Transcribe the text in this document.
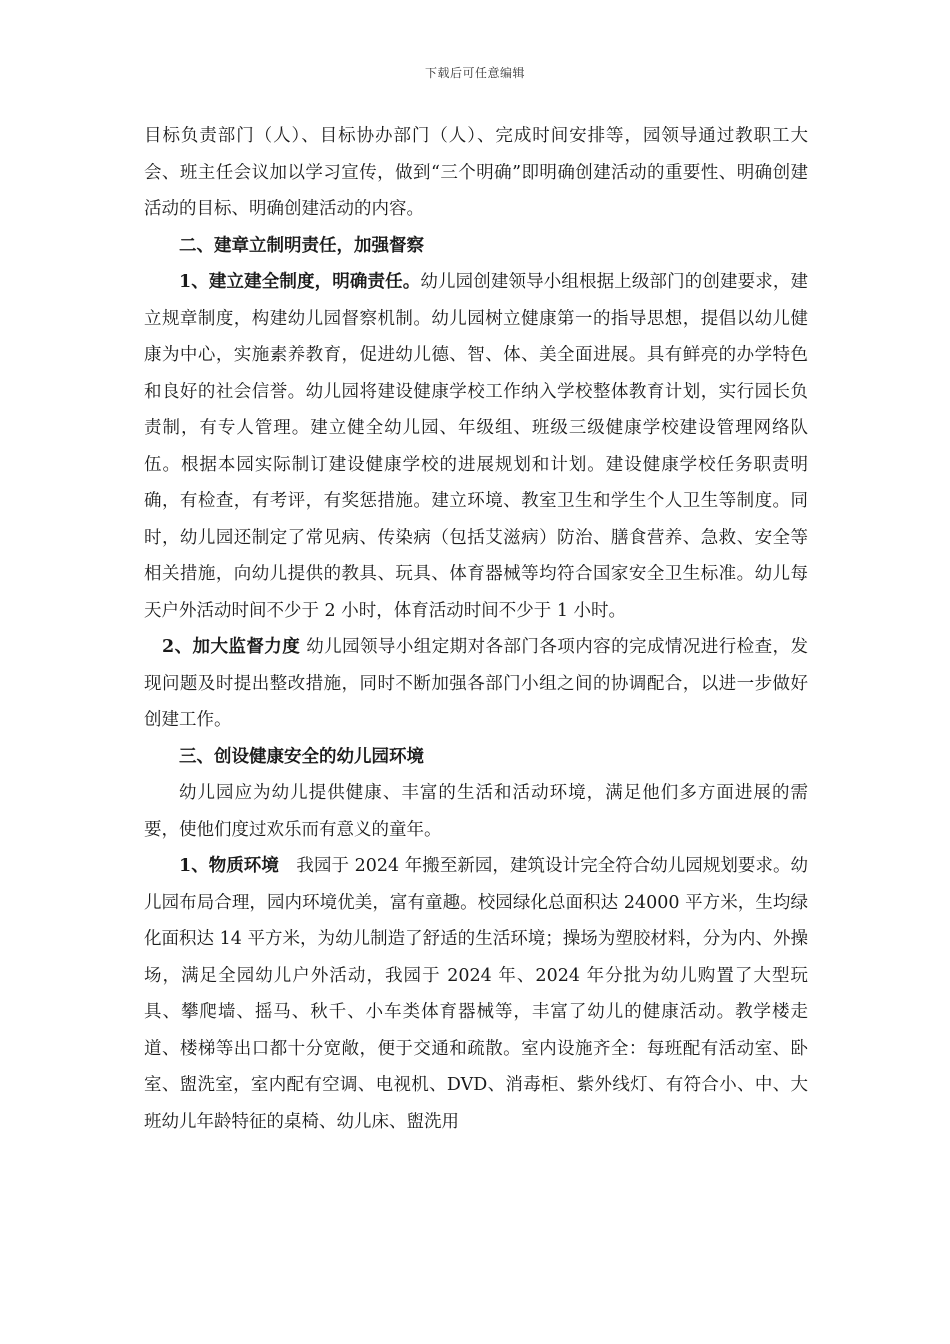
下载后可任意编辑

目标负责部门（人）、目标协办部门（人）、完成时间安排等，园领导通过教职工大会、班主任会议加以学习宣传，做到“三个明确”即明确创建活动的重要性、明确创建活动的目标、明确创建活动的内容。

二、建章立制明责任，加强督察

1、建立建全制度，明确责任。幼儿园创建领导小组根据上级部门的创建要求，建立规章制度，构建幼儿园督察机制。幼儿园树立健康第一的指导思想，提倡以幼儿健康为中心，实施素养教育，促进幼儿德、智、体、美全面进展。具有鲜亮的办学特色和良好的社会信誉。幼儿园将建设健康学校工作纳入学校整体教育计划，实行园长负责制，有专人管理。建立健全幼儿园、年级组、班级三级健康学校建设管理网络队伍。根据本园实际制订建设健康学校的进展规划和计划。建设健康学校任务职责明确，有检查，有考评，有奖惩措施。建立环境、教室卫生和学生个人卫生等制度。同时，幼儿园还制定了常见病、传染病（包括艾滋病）防治、膳食营养、急救、安全等相关措施，向幼儿提供的教具、玩具、体育器械等均符合国家安全卫生标准。幼儿每天户外活动时间不少于 2 小时，体育活动时间不少于 1 小时。

2、加大监督力度 幼儿园领导小组定期对各部门各项内容的完成情况进行检查，发现问题及时提出整改措施，同时不断加强各部门小组之间的协调配合，以进一步做好创建工作。

三、创设健康安全的幼儿园环境

幼儿园应为幼儿提供健康、丰富的生活和活动环境，满足他们多方面进展的需要，使他们度过欢乐而有意义的童年。

1、物质环境　我园于 2024 年搬至新园，建筑设计完全符合幼儿园规划要求。幼儿园布局合理，园内环境优美，富有童趣。校园绿化总面积达 24000 平方米，生均绿化面积达 14 平方米，为幼儿制造了舒适的生活环境；操场为塑胶材料，分为内、外操场，满足全园幼儿户外活动，我园于 2024 年、2024 年分批为幼儿购置了大型玩具、攀爬墙、摇马、秋千、小车类体育器械等，丰富了幼儿的健康活动。教学楼走道、楼梯等出口都十分宽敞，便于交通和疏散。室内设施齐全：每班配有活动室、卧室、盥洗室，室内配有空调、电视机、DVD、消毒柜、紫外线灯、有符合小、中、大班幼儿年龄特征的桌椅、幼儿床、盥洗用
